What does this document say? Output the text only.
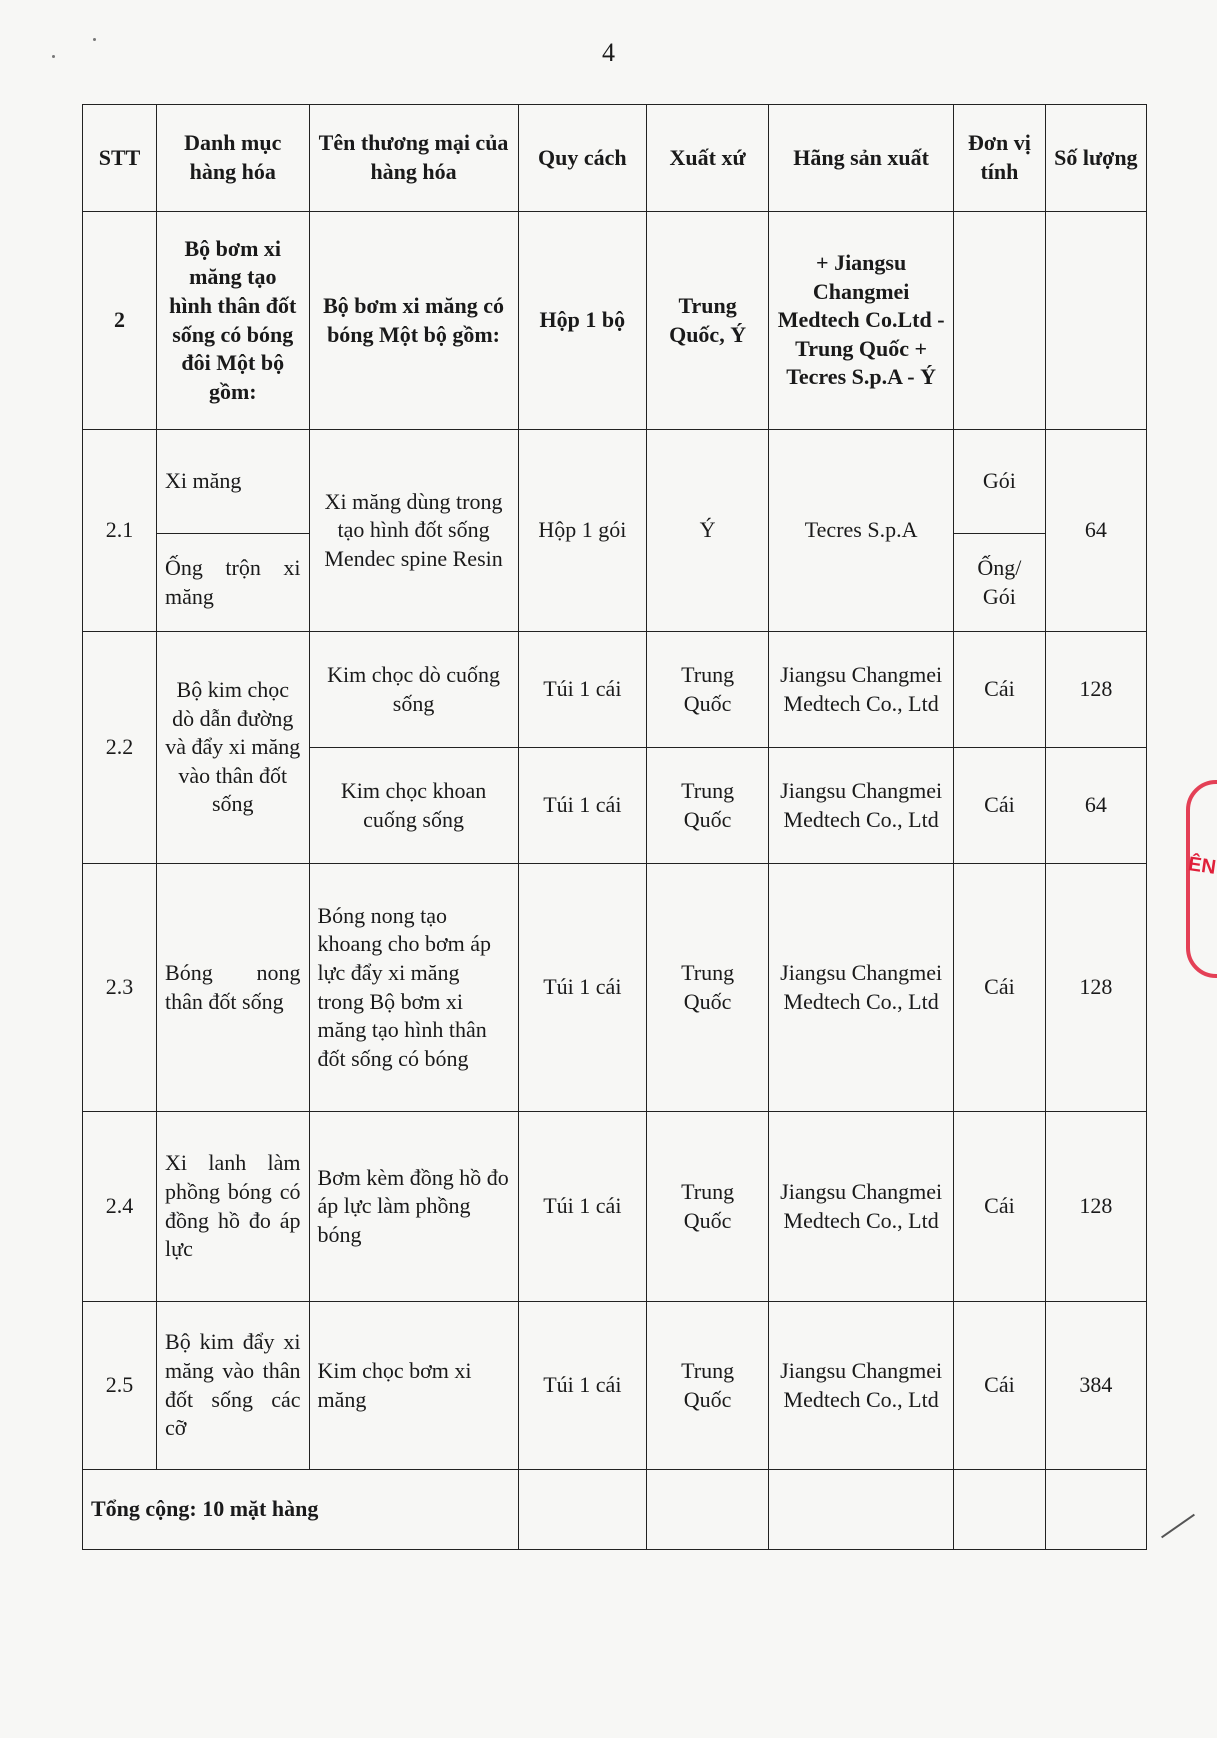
4
STT	Danh mục hàng hóa	Tên thương mại của hàng hóa	Quy cách	Xuất xứ	Hãng sản xuất	Đơn vị tính	Số lượng
2	Bộ bơm xi măng tạo hình thân đốt sống có bóng đôi Một bộ gồm:	Bộ bơm xi măng có bóng Một bộ gồm:	Hộp 1 bộ	Trung Quốc, Ý	+ Jiangsu Changmei Medtech Co.Ltd - Trung Quốc + Tecres S.p.A - Ý		
2.1	Xi măng	Xi măng dùng trong tạo hình đốt sống Mendec spine Resin	Hộp 1 gói	Ý	Tecres S.p.A	Gói	64
	Ống trộn xi măng					Ống/ Gói	
2.2	Bộ kim chọc dò dẫn đường và đẩy xi măng vào thân đốt sống	Kim chọc dò cuống sống	Túi 1 cái	Trung Quốc	Jiangsu Changmei Medtech Co., Ltd	Cái	128
		Kim chọc khoan cuống sống	Túi 1 cái	Trung Quốc	Jiangsu Changmei Medtech Co., Ltd	Cái	64
2.3	Bóng nong thân đốt sống	Bóng nong tạo khoang cho bơm áp lực đẩy xi măng trong Bộ bơm xi măng tạo hình thân đốt sống có bóng	Túi 1 cái	Trung Quốc	Jiangsu Changmei Medtech Co., Ltd	Cái	128
2.4	Xi lanh làm phồng bóng có đồng hồ đo áp lực	Bơm kèm đồng hồ đo áp lực làm phồng bóng	Túi 1 cái	Trung Quốc	Jiangsu Changmei Medtech Co., Ltd	Cái	128
2.5	Bộ kim đẩy xi măng vào thân đốt sống các cỡ	Kim chọc bơm xi măng	Túi 1 cái	Trung Quốc	Jiangsu Changmei Medtech Co., Ltd	Cái	384
Tổng cộng: 10 mặt hàng							
ÊN
